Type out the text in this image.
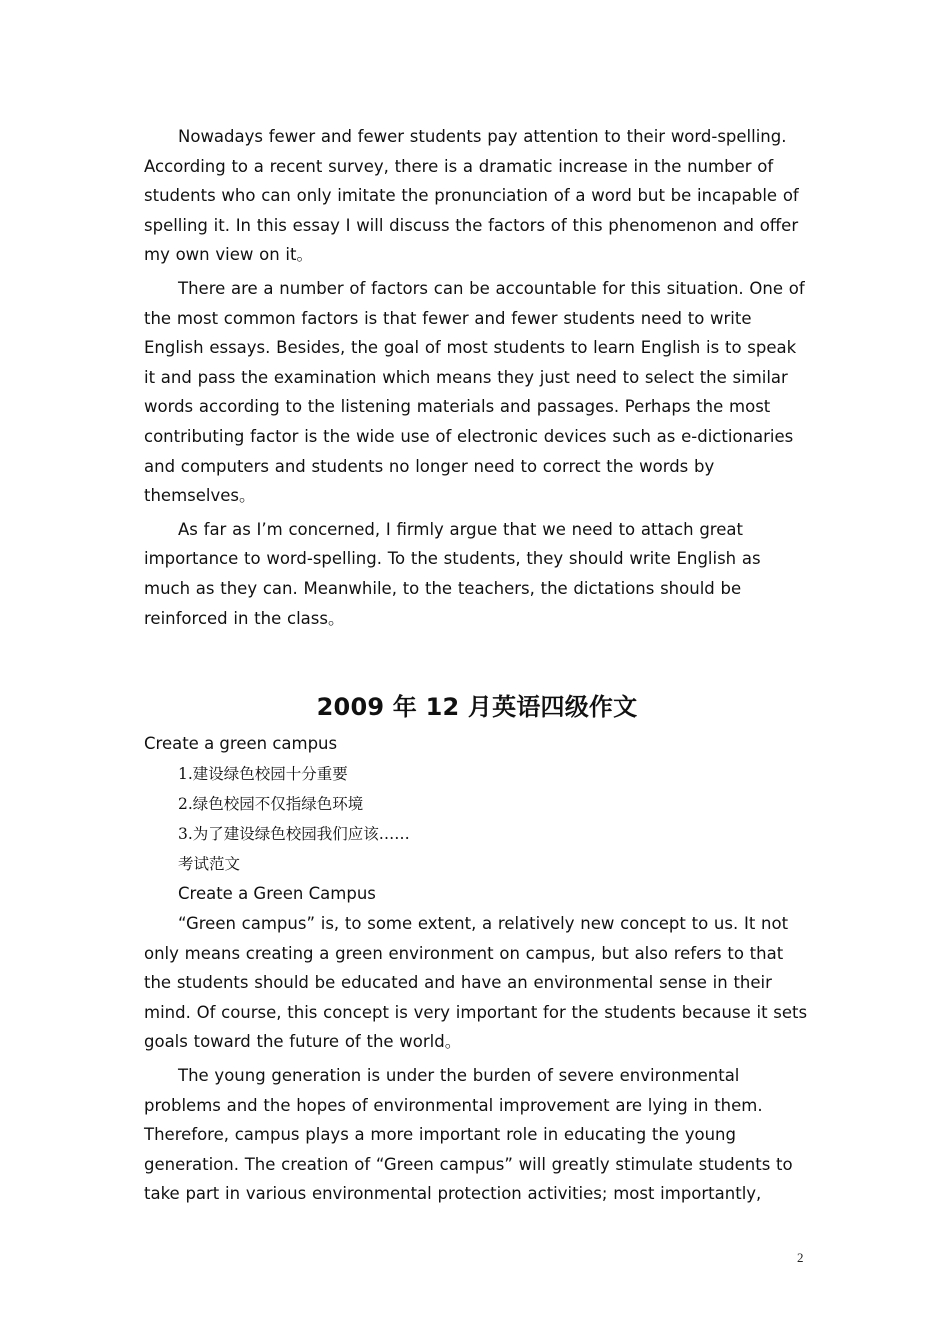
Nowadays fewer and fewer students pay attention to their word-spelling. According to a recent survey, there is a dramatic increase in the number of students who can only imitate the pronunciation of a word but be incapable of spelling it. In this essay I will discuss the factors of this phenomenon and offer my own view on it。

There are a number of factors can be accountable for this situation. One of the most common factors is that fewer and fewer students need to write English essays. Besides, the goal of most students to learn English is to speak it and pass the examination which means they just need to select the similar words according to the listening materials and passages. Perhaps the most contributing factor is the wide use of electronic devices such as e-dictionaries and computers and students no longer need to correct the words by themselves。

As far as I’m concerned, I firmly argue that we need to attach great importance to word-spelling. To the students, they should write English as much as they can. Meanwhile, to the teachers, the dictations should be reinforced in the class。

2009 年 12 月英语四级作文

Create a green campus

1.建设绿色校园十分重要

2.绿色校园不仅指绿色环境

3.为了建设绿色校园我们应该……

考试范文

Create a Green Campus

“Green campus” is, to some extent, a relatively new concept to us. It not only means creating a green environment on campus, but also refers to that the students should be educated and have an environmental sense in their mind. Of course, this concept is very important for the students because it sets goals toward the future of the world。

The young generation is under the burden of severe environmental problems and the hopes of environmental improvement are lying in them. Therefore, campus plays a more important role in educating the young generation. The creation of “Green campus” will greatly stimulate students to take part in various environmental protection activities; most importantly,

2
